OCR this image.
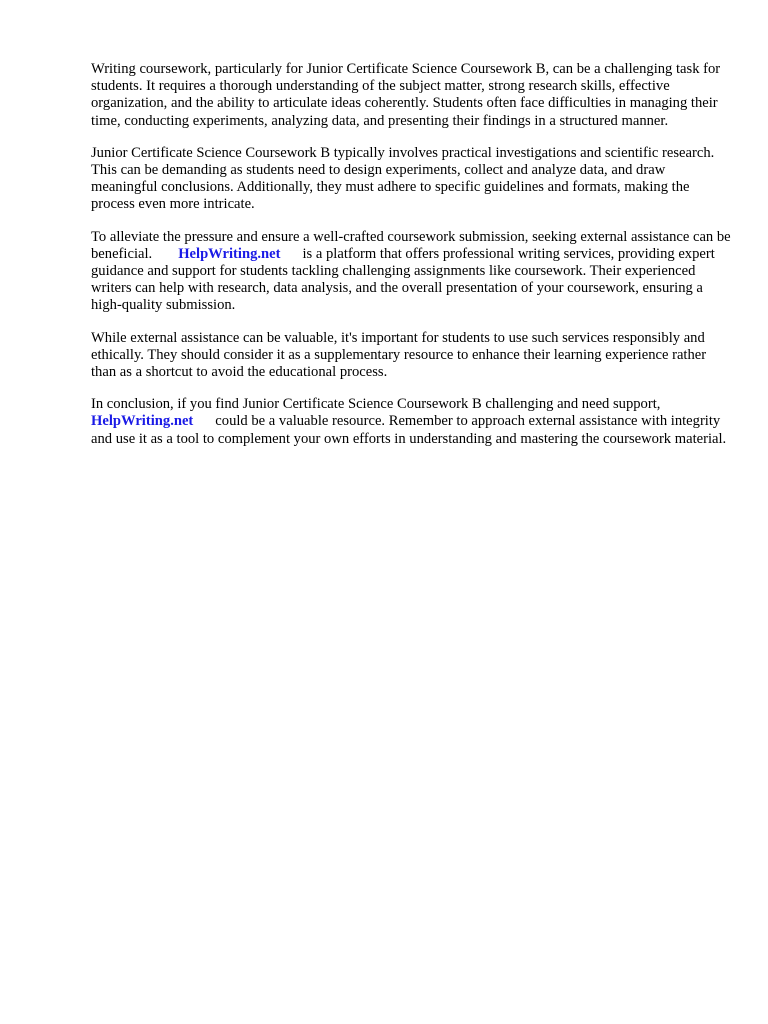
Writing coursework, particularly for Junior Certificate Science Coursework B, can be a challenging task for students. It requires a thorough understanding of the subject matter, strong research skills, effective organization, and the ability to articulate ideas coherently. Students often face difficulties in managing their time, conducting experiments, analyzing data, and presenting their findings in a structured manner.

Junior Certificate Science Coursework B typically involves practical investigations and scientific research. This can be demanding as students need to design experiments, collect and analyze data, and draw meaningful conclusions. Additionally, they must adhere to specific guidelines and formats, making the process even more intricate.

To alleviate the pressure and ensure a well-crafted coursework submission, seeking external assistance can be beneficial. HelpWriting.net is a platform that offers professional writing services, providing expert guidance and support for students tackling challenging assignments like coursework. Their experienced writers can help with research, data analysis, and the overall presentation of your coursework, ensuring a high-quality submission.

While external assistance can be valuable, it's important for students to use such services responsibly and ethically. They should consider it as a supplementary resource to enhance their learning experience rather than as a shortcut to avoid the educational process.

In conclusion, if you find Junior Certificate Science Coursework B challenging and need support, HelpWriting.net could be a valuable resource. Remember to approach external assistance with integrity and use it as a tool to complement your own efforts in understanding and mastering the coursework material.
